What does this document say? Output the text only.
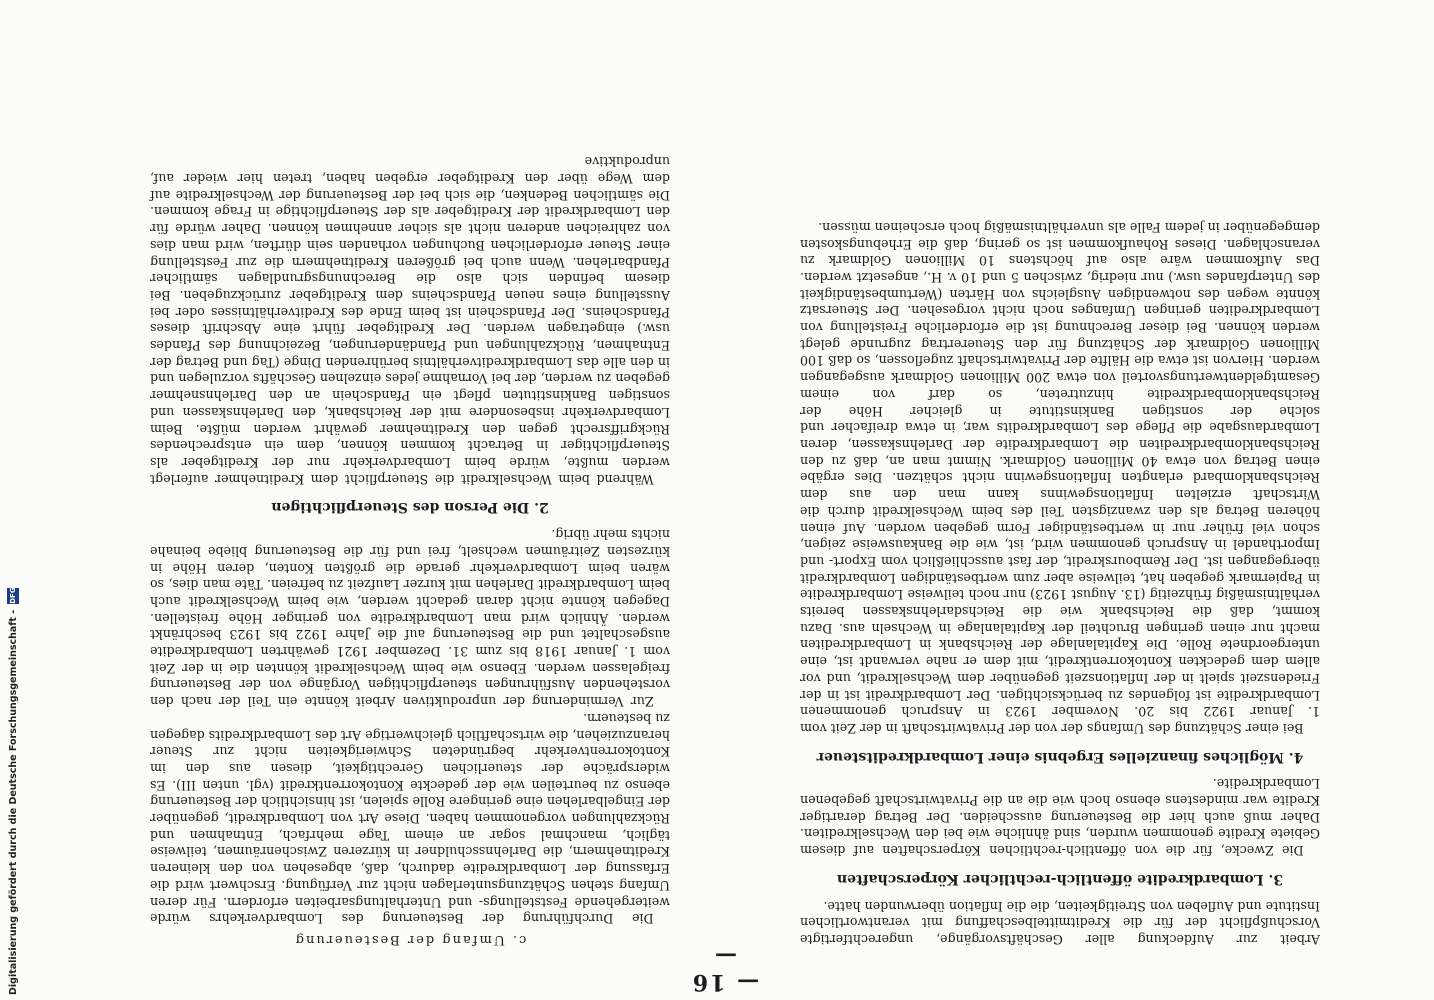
Digitalisierung gefördert durch die Deutsche Forschungsgemeinschaft -
DFG
— 16 —

Arbeit zur Aufdeckung aller Geschäftsvorgänge, ungerechtfertigte Vorschußpflicht der für die Kreditmittelbeschaffung mit verantwortlichen Institute und Aufleben von Streitigkeiten, die die Inflation überwunden hatte.

3. Lombardkredite öffentlich-rechtlicher Körperschaften

Die Zwecke, für die von öffentlich-rechtlichen Körperschaften auf diesem Gebiete Kredite genommen wurden, sind ähnliche wie bei den Wechselkrediten. Daher muß auch hier die Besteuerung ausscheiden. Der Betrag derartiger Kredite war mindestens ebenso hoch wie die an die Privatwirtschaft gegebenen Lombardkredite.

4. Mögliches finanzielles Ergebnis einer Lombardkreditsteuer

Bei einer Schätzung des Umfangs der von der Privatwirtschaft in der Zeit vom 1. Januar 1922 bis 20. November 1923 in Anspruch genommenen Lombardkredite ist folgendes zu berücksichtigen. Der Lombardkredit ist in der Friedenszeit spielt in der Inflationszeit gegenüber dem Wechselkredit, und vor allem dem gedeckten Kontokorrentkredit, mit dem er nahe verwandt ist, eine untergeordnete Rolle. Die Kapitalanlage der Reichsbank in Lombardkrediten macht nur einen geringen Bruchteil der Kapitalanlage in Wechseln aus. Dazu kommt, daß die Reichsbank wie die Reichsdarlehnskassen bereits verhältnismäßig frühzeitig (13. August 1923) nur noch teilweise Lombardkredite in Papiermark gegeben hat, teilweise aber zum wertbeständigen Lombardkredit übergegangen ist. Der Rembourskredit, der fast ausschließlich vom Export- und Importhandel in Anspruch genommen wird, ist, wie die Bankausweise zeigen, schon viel früher nur in wertbeständiger Form gegeben worden. Auf einen höheren Betrag als den zwanzigsten Teil des beim Wechselkredit durch die Wirtschaft erzielten Inflationsgewinns kann man den aus dem Reichsbanklombard erlangten Inflationsgewinn nicht schätzen. Dies ergäbe einen Betrag von etwa 40 Millionen Goldmark. Nimmt man an, daß zu den Reichsbanklombardkrediten die Lombardkredite der Darlehnskassen, deren Lombardausgabe die Pflege des Lombardkredits war, in etwa dreifacher und solche der sonstigen Bankinstitute in gleicher Höhe der Reichsbanklombardkredite hinzutreten, so darf von einem Gesamtgeldentwertungsvorteil von etwa 200 Millionen Goldmark ausgegangen werden. Hiervon ist etwa die Hälfte der Privatwirtschaft zugeflossen, so daß 100 Millionen Goldmark der Schätzung für den Steuerertrag zugrunde gelegt werden können. Bei dieser Berechnung ist die erforderliche Freistellung von Lombardkrediten geringen Umfanges noch nicht vorgesehen. Der Steuersatz könnte wegen des notwendigen Ausgleichs von Härten (Wertumbeständigkeit des Unterpfandes usw.) nur niedrig, zwischen 5 und 10 v. H., angesetzt werden. Das Aufkommen wäre also auf höchstens 10 Millionen Goldmark zu veranschlagen. Dieses Rohaufkommen ist so gering, daß die Erhebungskosten demgegenüber in jedem Falle als unverhältnismäßig hoch erscheinen müssen.

c. Umfang der Besteuerung

Die Durchführung der Besteuerung des Lombardverkehrs würde weitergehende Feststellungs- und Unterhaltungsarbeiten erfordern. Für deren Umfang stehen Schätzungsunterlagen nicht zur Verfügung. Erschwert wird die Erfassung der Lombardkredite dadurch, daß, abgesehen von den kleineren Kreditnehmern, die Darlehnsschuldner in kürzeren Zwischenräumen, teilweise täglich, manchmal sogar an einem Tage mehrfach, Entnahmen und Rückzahlungen vorgenommen haben. Diese Art von Lombardkredit, gegenüber der Eingelbarlehen eine geringere Rolle spielen, ist hinsichtlich der Besteuerung ebenso zu beurteilen wie der gedeckte Kontokorrentkredit (vgl. unten III). Es widerspräche der steuerlichen Gerechtigkeit, diesen aus den im Kontokorrentverkehr begründeten Schwierigkeiten nicht zur Steuer heranzuziehen, die wirtschaftlich gleichwertige Art des Lombardkredits dagegen zu besteuern.

Zur Verminderung der unproduktiven Arbeit könnte ein Teil der nach den vorstehenden Ausführungen steuerpflichtigen Vorgänge von der Besteuerung freigelassen werden. Ebenso wie beim Wechselkredit könnten die in der Zeit vom 1. Januar 1918 bis zum 31. Dezember 1921 gewährten Lombardkredite ausgeschaltet und die Besteuerung auf die Jahre 1922 bis 1923 beschränkt werden. Ähnlich wird man Lombardkredite von geringer Höhe freistellen. Dagegen könnte nicht daran gedacht werden, wie beim Wechselkredit auch beim Lombardkredit Darlehen mit kurzer Laufzeit zu befreien. Täte man dies, so wären beim Lombardverkehr gerade die größten Konten, deren Höhe in kürzesten Zeiträumen wechselt, frei und für die Besteuerung bliebe beinahe nichts mehr übrig.

2. Die Person des Steuerpflichtigen

Während beim Wechselkredit die Steuerpflicht dem Kreditnehmer auferlegt werden mußte, würde beim Lombardverkehr nur der Kreditgeber als Steuerpflichtiger in Betracht kommen können, dem ein entsprechendes Rückgriffsrecht gegen den Kreditnehmer gewährt werden müßte. Beim Lombardverkehr insbesondere mit der Reichsbank, den Darlehnskassen und sonstigen Bankinstituten pflegt ein Pfandschein an den Darlehnsnehmer gegeben zu werden, der bei Vornahme jedes einzelnen Geschäfts vorzulegen und in den alle das Lombardkreditverhältnis berührenden Dinge (Tag und Betrag der Entnahmen, Rückzahlungen und Pfandänderungen, Bezeichnung des Pfandes usw.) eingetragen werden. Der Kreditgeber führt eine Abschrift dieses Pfandscheins. Der Pfandschein ist beim Ende des Kreditverhältnisses oder bei Ausstellung eines neuen Pfandscheins dem Kreditgeber zurückzugeben. Bei diesem befinden sich also die Berechnungsgrundlagen sämtlicher Pfandbarlehen. Wenn auch bei größeren Kreditnehmern die zur Feststellung einer Steuer erforderlichen Buchungen vorhanden sein dürften, wird man dies von zahlreichen anderen nicht als sicher annehmen können. Daher würde für den Lombardkredit der Kreditgeber als der Steuerpflichtige in Frage kommen. Die sämtlichen Bedenken, die sich bei der Besteuerung der Wechselkredite auf dem Wege über den Kreditgeber ergeben haben, treten hier wieder auf, unproduktive
